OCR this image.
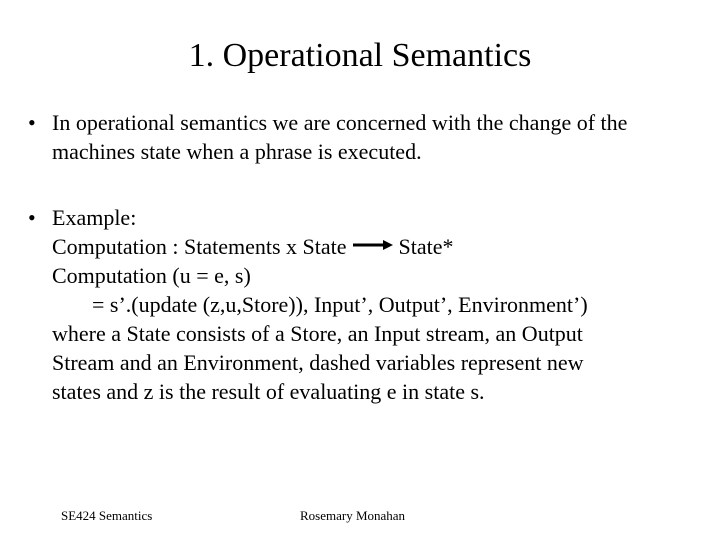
1. Operational Semantics
• In operational semantics we are concerned with the change of the
machines state when a phrase is executed.
• Example:
Computation : Statements x State State*
Computation (u = e, s)
= s’.(update (z,u,Store)), Input’, Output’, Environment’)
where a State consists of a Store, an Input stream, an Output
Stream and an Environment, dashed variables represent new
states and z is the result of evaluating e in state s.
SE424 Semantics	Rosemary Monahan
